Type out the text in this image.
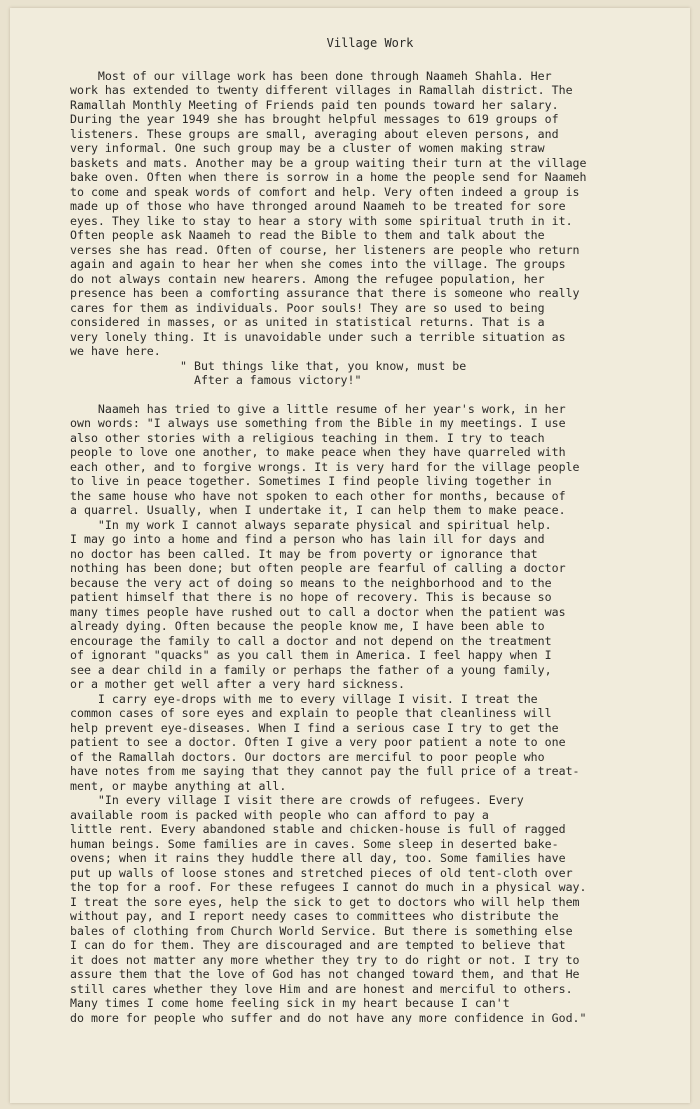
Village Work

Most of our village work has been done through Naameh Shahla. Her
work has extended to twenty different villages in Ramallah district. The
Ramallah Monthly Meeting of Friends paid ten pounds toward her salary.
During the year 1949 she has brought helpful messages to 619 groups of
listeners. These groups are small, averaging about eleven persons, and
very informal. One such group may be a cluster of women making straw
baskets and mats. Another may be a group waiting their turn at the village
bake oven. Often when there is sorrow in a home the people send for Naameh
to come and speak words of comfort and help. Very often indeed a group is
made up of those who have thronged around Naameh to be treated for sore
eyes. They like to stay to hear a story with some spiritual truth in it.
Often people ask Naameh to read the Bible to them and talk about the
verses she has read. Often of course, her listeners are people who return
again and again to hear her when she comes into the village. The groups
do not always contain new hearers. Among the refugee population, her
presence has been a comforting assurance that there is someone who really
cares for them as individuals. Poor souls! They are so used to being
considered in masses, or as united in statistical returns. That is a
very lonely thing. It is unavoidable under such a terrible situation as
we have here.

" But things like that, you know, must be
After a famous victory!"

Naameh has tried to give a little resume of her year's work, in her
own words: "I always use something from the Bible in my meetings. I use
also other stories with a religious teaching in them. I try to teach
people to love one another, to make peace when they have quarreled with
each other, and to forgive wrongs. It is very hard for the village people
to live in peace together. Sometimes I find people living together in
the same house who have not spoken to each other for months, because of
a quarrel. Usually, when I undertake it, I can help them to make peace.

"In my work I cannot always separate physical and spiritual help.
I may go into a home and find a person who has lain ill for days and
no doctor has been called. It may be from poverty or ignorance that
nothing has been done; but often people are fearful of calling a doctor
because the very act of doing so means to the neighborhood and to the
patient himself that there is no hope of recovery. This is because so
many times people have rushed out to call a doctor when the patient was
already dying. Often because the people know me, I have been able to
encourage the family to call a doctor and not depend on the treatment
of ignorant "quacks" as you call them in America. I feel happy when I
see a dear child in a family or perhaps the father of a young family,
or a mother get well after a very hard sickness.

I carry eye-drops with me to every village I visit. I treat the
common cases of sore eyes and explain to people that cleanliness will
help prevent eye-diseases. When I find a serious case I try to get the
patient to see a doctor. Often I give a very poor patient a note to one
of the Ramallah doctors. Our doctors are merciful to poor people who
have notes from me saying that they cannot pay the full price of a treat-
ment, or maybe anything at all.

"In every village I visit there are crowds of refugees. Every
available room is packed with people who can afford to pay a
little rent. Every abandoned stable and chicken-house is full of ragged
human beings. Some families are in caves. Some sleep in deserted bake-
ovens; when it rains they huddle there all day, too. Some families have
put up walls of loose stones and stretched pieces of old tent-cloth over
the top for a roof. For these refugees I cannot do much in a physical way.
I treat the sore eyes, help the sick to get to doctors who will help them
without pay, and I report needy cases to committees who distribute the
bales of clothing from Church World Service. But there is something else
I can do for them. They are discouraged and are tempted to believe that
it does not matter any more whether they try to do right or not. I try to
assure them that the love of God has not changed toward them, and that He
still cares whether they love Him and are honest and merciful to others.
Many times I come home feeling sick in my heart because I can't
do more for people who suffer and do not have any more confidence in God."
